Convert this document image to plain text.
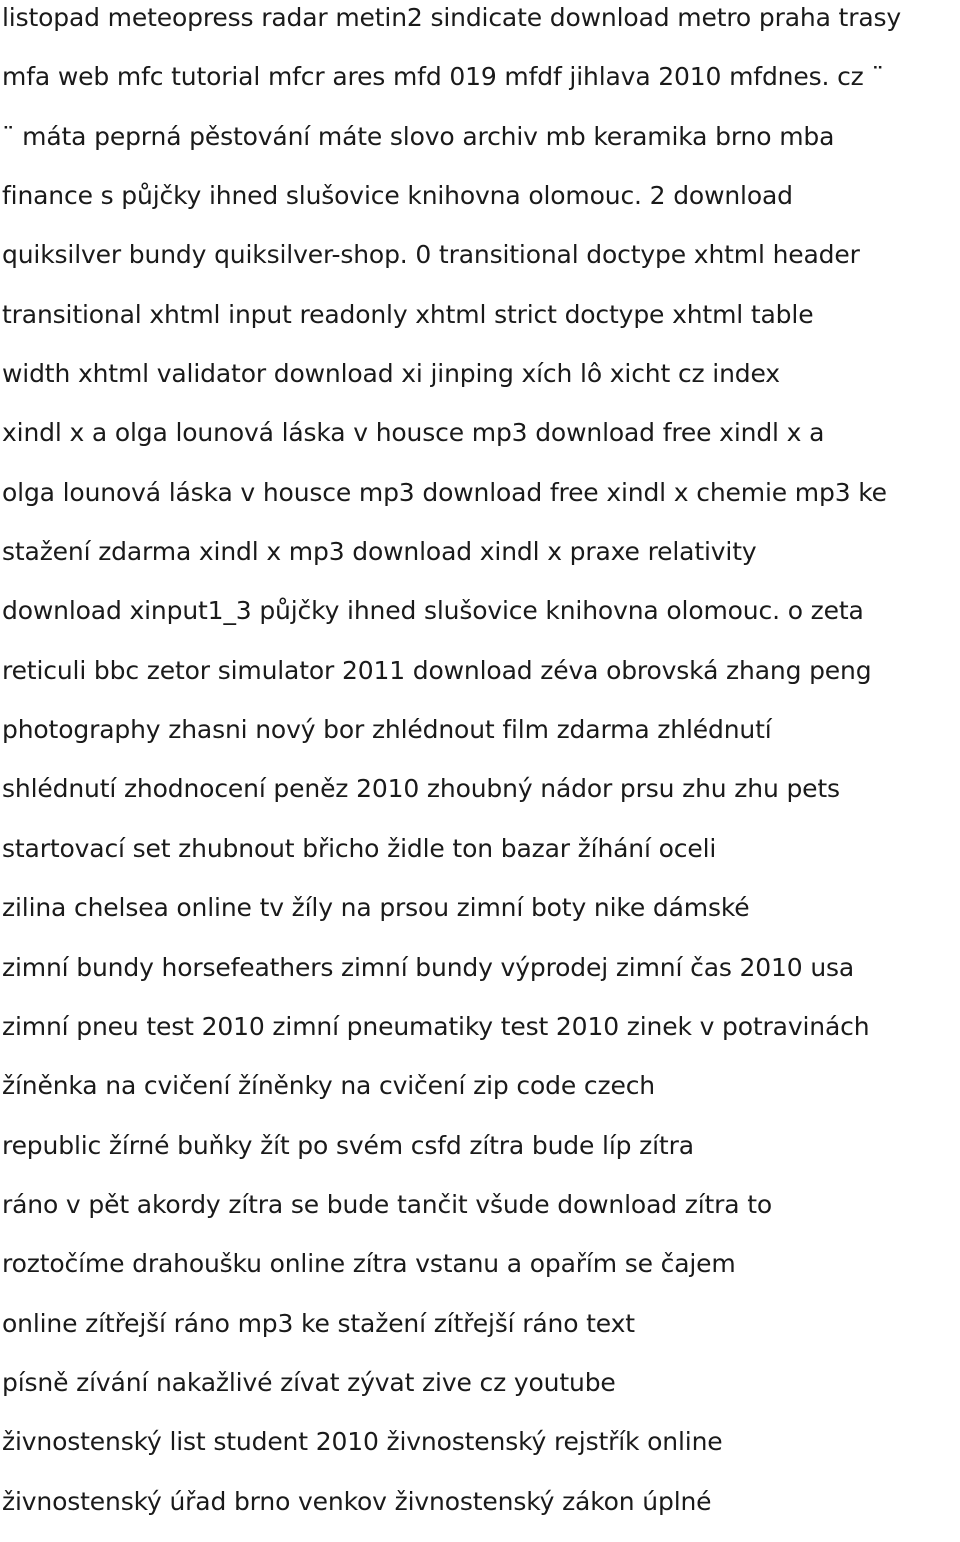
listopad meteopress radar metin2 sindicate download metro praha trasy
mfa web mfc tutorial mfcr ares mfd 019 mfdf jihlava 2010 mfdnes. cz ¨
¨ máta peprná pěstování máte slovo archiv mb keramika brno mba
finance s půjčky ihned slušovice knihovna olomouc. 2 download
quiksilver bundy quiksilver-shop. 0 transitional doctype xhtml header
transitional xhtml input readonly xhtml strict doctype xhtml table
width xhtml validator download xi jinping xích lô xicht cz index
xindl x a olga lounová láska v housce mp3 download free xindl x a
olga lounová láska v housce mp3 download free xindl x chemie mp3 ke
stažení zdarma xindl x mp3 download xindl x praxe relativity
download xinput1_3 půjčky ihned slušovice knihovna olomouc. o zeta
reticuli bbc zetor simulator 2011 download zéva obrovská zhang peng
photography zhasni nový bor zhlédnout film zdarma zhlédnutí
shlédnutí zhodnocení peněz 2010 zhoubný nádor prsu zhu zhu pets
startovací set zhubnout břicho židle ton bazar žíhání oceli
zilina chelsea online tv žíly na prsou zimní boty nike dámské
zimní bundy horsefeathers zimní bundy výprodej zimní čas 2010 usa
zimní pneu test 2010 zimní pneumatiky test 2010 zinek v potravinách
žíněnka na cvičení žíněnky na cvičení zip code czech
republic žírné buňky žít po svém csfd zítra bude líp zítra
ráno v pět akordy zítra se bude tančit všude download zítra to
roztočíme drahoušku online zítra vstanu a opařím se čajem
online zítřejší ráno mp3 ke stažení zítřejší ráno text
písně zívání nakažlivé zívat zývat zive cz youtube
živnostenský list student 2010 živnostenský rejstřík online
živnostenský úřad brno venkov živnostenský zákon úplné
